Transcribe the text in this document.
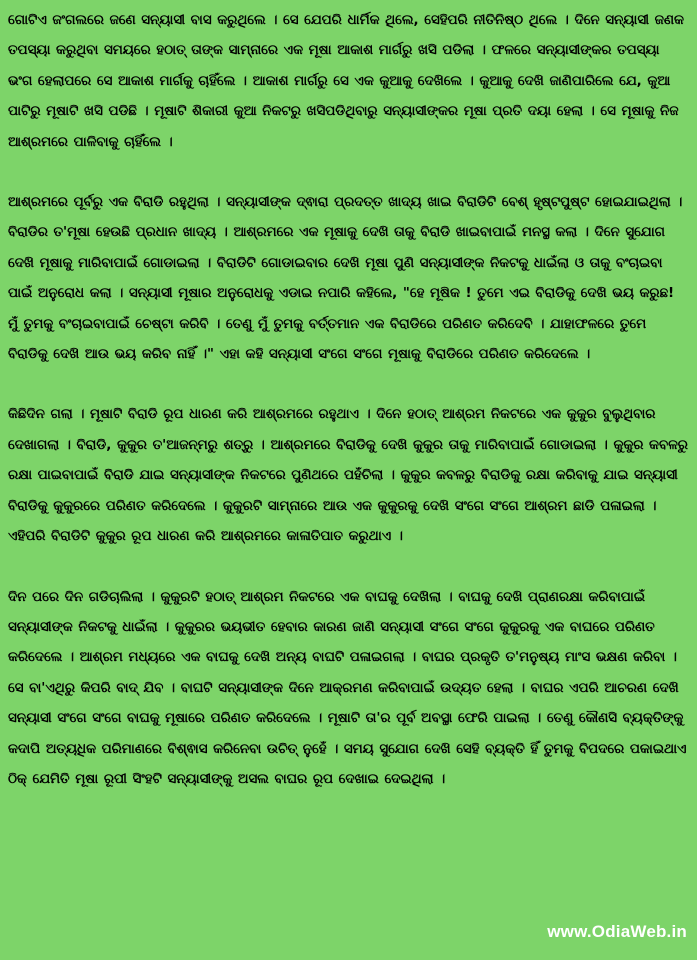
ଗୋଟିଏ ଜଂଗଲରେ ଜଣେ ସନ୍ୟାସୀ ବାସ କରୁଥିଲେ । ସେ ଯେପରି ଧାର୍ମିକ ଥିଲେ, ସେହିପରି ନୀତିନିଷ୍ଠ ଥିଲେ । ଦିନେ ସନ୍ୟାସୀ ଜଣକ ତପସ୍ୟା କରୁଥିବା ସମୟରେ ହଠାତ୍ ତାଙ୍କ ସାମ୍ନାରେ ଏକ ମୂଷା ଆକାଶ ମାର୍ଗରୁ ଖସି ପଡିଲା । ଫଳରେ ସନ୍ୟାସୀଙ୍କର ତପସ୍ୟା ଭଂଗ ହେଲାପରେ ସେ ଆକାଶ ମାର୍ଗକୁ ଚାହିଁଲେ । ଆକାଶ ମାର୍ଗରୁ ସେ ଏକ କୁଆକୁ ଦେଖିଲେ । କୁଆକୁ ଦେଖି ଜାଣିପାରିଲେ ଯେ, କୁଆ ପାଟିରୁ ମୂଷାଟି ଖସି ପଡିଛି । ମୂଷାଟି ଶିକାରୀ କୁଆ ନିକଟରୁ ଖସିପଡିଥିବାରୁ ସନ୍ୟାସୀଙ୍କର ମୂଷା ପ୍ରତି ଦୟା ହେଲା । ସେ ମୂଷାକୁ ନିଜ ଆଶ୍ରମରେ ପାଳିବାକୁ ଚାହିଁଲେ ।

ଆଶ୍ରମରେ ପୂର୍ବରୁ ଏକ ବିରାଡି ରହୁଥିଲା । ସନ୍ୟାସୀଙ୍କ ଦ୍ଵାରା ପ୍ରଦତ୍ତ ଖାଦ୍ୟ ଖାଇ ବିରାଡିଟି ବେଶ୍ ହୃଷ୍ଟପୁଷ୍ଟ ହୋଇଯାଇଥିଲା । ବିରାଡିର ତ'ମୂଷା ହେଉଛି ପ୍ରଧାନ ଖାଦ୍ୟ । ଆଶ୍ରମରେ ଏକ ମୂଷାକୁ ଦେଖି ତାକୁ ବିରାଡି ଖାଇବାପାଇଁ ମନସ୍ଥ କଲା । ଦିନେ ସୁଯୋଗ ଦେଖି ମୂଷାକୁ ମାରିବାପାଇଁ ଗୋଡାଇଲା । ବିରାଡିଟି ଗୋଡାଇବାର ଦେଖି ମୂଷା ପୁଣି ସନ୍ୟାସୀଙ୍କ ନିକଟକୁ ଧାଇଁଲା ଓ ତାକୁ ବଂଚାଇବା ପାଇଁ ଅନୁରୋଧ କଲା । ସନ୍ୟାସୀ ମୂଷାର ଅନୁରୋଧକୁ ଏଡାଇ ନପାରି କହିଲେ, "ହେ ମୂଷିକ ! ତୁମେ ଏଇ ବିରାଡିକୁ ଦେଖି ଭୟ କରୁଛ! ମୁଁ ତୁମକୁ ବଂଚାଇବାପାଇଁ ଚେଷ୍ଟା କରିବି । ତେଣୁ ମୁଁ ତୁମକୁ ବର୍ତ୍ତମାନ ଏକ ବିରାଡିରେ ପରିଣତ କରିଦେବି । ଯାହାଫଳରେ ତୁମେ ବିରାଡିକୁ ଦେଖି ଆଉ ଭୟ କରିବ ନାହିଁ ।" ଏହା କହି ସନ୍ୟାସୀ ସଂଗେ ସଂଗେ ମୂଷାକୁ ବିରାଡିରେ ପରିଣତ କରିଦେଲେ ।

କିଛିଦିନ ଗଲା । ମୂଷାଟି ବିରାଡି ରୂପ ଧାରଣ କରି ଆଶ୍ରମରେ ରହୁଥାଏ । ଦିନେ ହଠାତ୍ ଆଶ୍ରମ ନିକଟରେ ଏକ କୁକୁର ବୁଲୁଥିବାର ଦେଖାଗଲା । ବିରାଡି, କୁକୁର ତ'ଆଜନ୍ମରୁ ଶତ୍ରୁ । ଆଶ୍ରମରେ ବିରାଡିକୁ ଦେଖି କୁକୁର ତାକୁ ମାରିବାପାଇଁ ଗୋଡାଇଲା । କୁକୁର କବଳରୁ ରକ୍ଷା ପାଇବାପାଇଁ ବିରାଡି ଯାଇ ସନ୍ୟାସୀଙ୍କ ନିକଟରେ ପୁଣିଥରେ ପହଁଚିଲା । କୁକୁର କବଳରୁ ବିରାଡିକୁ ରକ୍ଷା କରିବାକୁ ଯାଇ ସନ୍ୟାସୀ ବିରାଡିକୁ କୁକୁରରେ ପରିଣତ କରିଦେଲେ । କୁକୁରଟି ସାମ୍ନାରେ ଆଉ ଏକ କୁକୁରକୁ ଦେଖି ସଂଗେ ସଂଗେ ଆଶ୍ରମ ଛାଡି ପଳାଇଲା । ଏହିପରି ବିରାଡିଟି କୁକୁର ରୂପ ଧାରଣ କରି ଆଶ୍ରମରେ କାଳାତିପାତ କରୁଥାଏ ।

ଦିନ ପରେ ଦିନ ଗଡିଚାଲିଲା । କୁକୁରଟି ହଠାତ୍ ଆଶ୍ରମ ନିକଟରେ ଏକ ବାଘକୁ ଦେଖିଲା । ବାଘକୁ ଦେଖି ପ୍ରାଣରକ୍ଷା କରିବାପାଇଁ ସନ୍ୟାସୀଙ୍କ ନିକଟକୁ ଧାଇଁଲା । କୁକୁରର ଭୟଭୀତ ହେବାର କାରଣ ଜାଣି ସନ୍ୟାସୀ ସଂଗେ ସଂଗେ କୁକୁରକୁ ଏକ ବାଘରେ ପରିଣତ କରିଦେଲେ । ଆଶ୍ରମ ମଧ୍ୟରେ ଏକ ବାଘକୁ ଦେଖି ଅନ୍ୟ ବାଘଟି ପଳାଇଗଲା । ବାଘର ପ୍ରକୃତି ତ'ମନୁଷ୍ୟ ମାଂସ ଭକ୍ଷଣ କରିବା । ସେ ବା'ଏଥିରୁ କିପରି ବାଦ୍ ଯିବ । ବାଘଟି ସନ୍ୟାସୀଙ୍କ ଦିନେ ଆକ୍ରମଣ କରିବାପାଇଁ ଉଦ୍ୟତ ହେଲା । ବାଘର ଏପରି ଆଚରଣ ଦେଖି ସନ୍ୟାସୀ ସଂଗେ ସଂଗେ ବାଘକୁ ମୂଷାରେ ପରିଣତ କରିଦେଲେ । ମୂଷାଟି ତା'ର ପୂର୍ବ ଅବସ୍ଥା ଫେରି ପାଇଲା । ତେଣୁ କୌଣସି ବ୍ୟକ୍ତିଙ୍କୁ କଦାପି ଅତ୍ୟଧିକ ପରିମାଣରେ ବିଶ୍ଵାସ କରିନେବା ଉଚିତ୍ ନୁହେଁ । ସମୟ ସୁଯୋଗ ଦେଖି ସେହି ବ୍ୟକ୍ତି ହିଁ ତୁମକୁ ବିପଦରେ ପକାଇଥାଏ ଠିକ୍ ଯେମିତି ମୂଷା ରୂପୀ ସିଂହଟି ସନ୍ୟାସୀଙ୍କୁ ଅସଲ ବାଘର ରୂପ ଦେଖାଇ ଦେଇଥିଲା ।

www.OdiaWeb.in
